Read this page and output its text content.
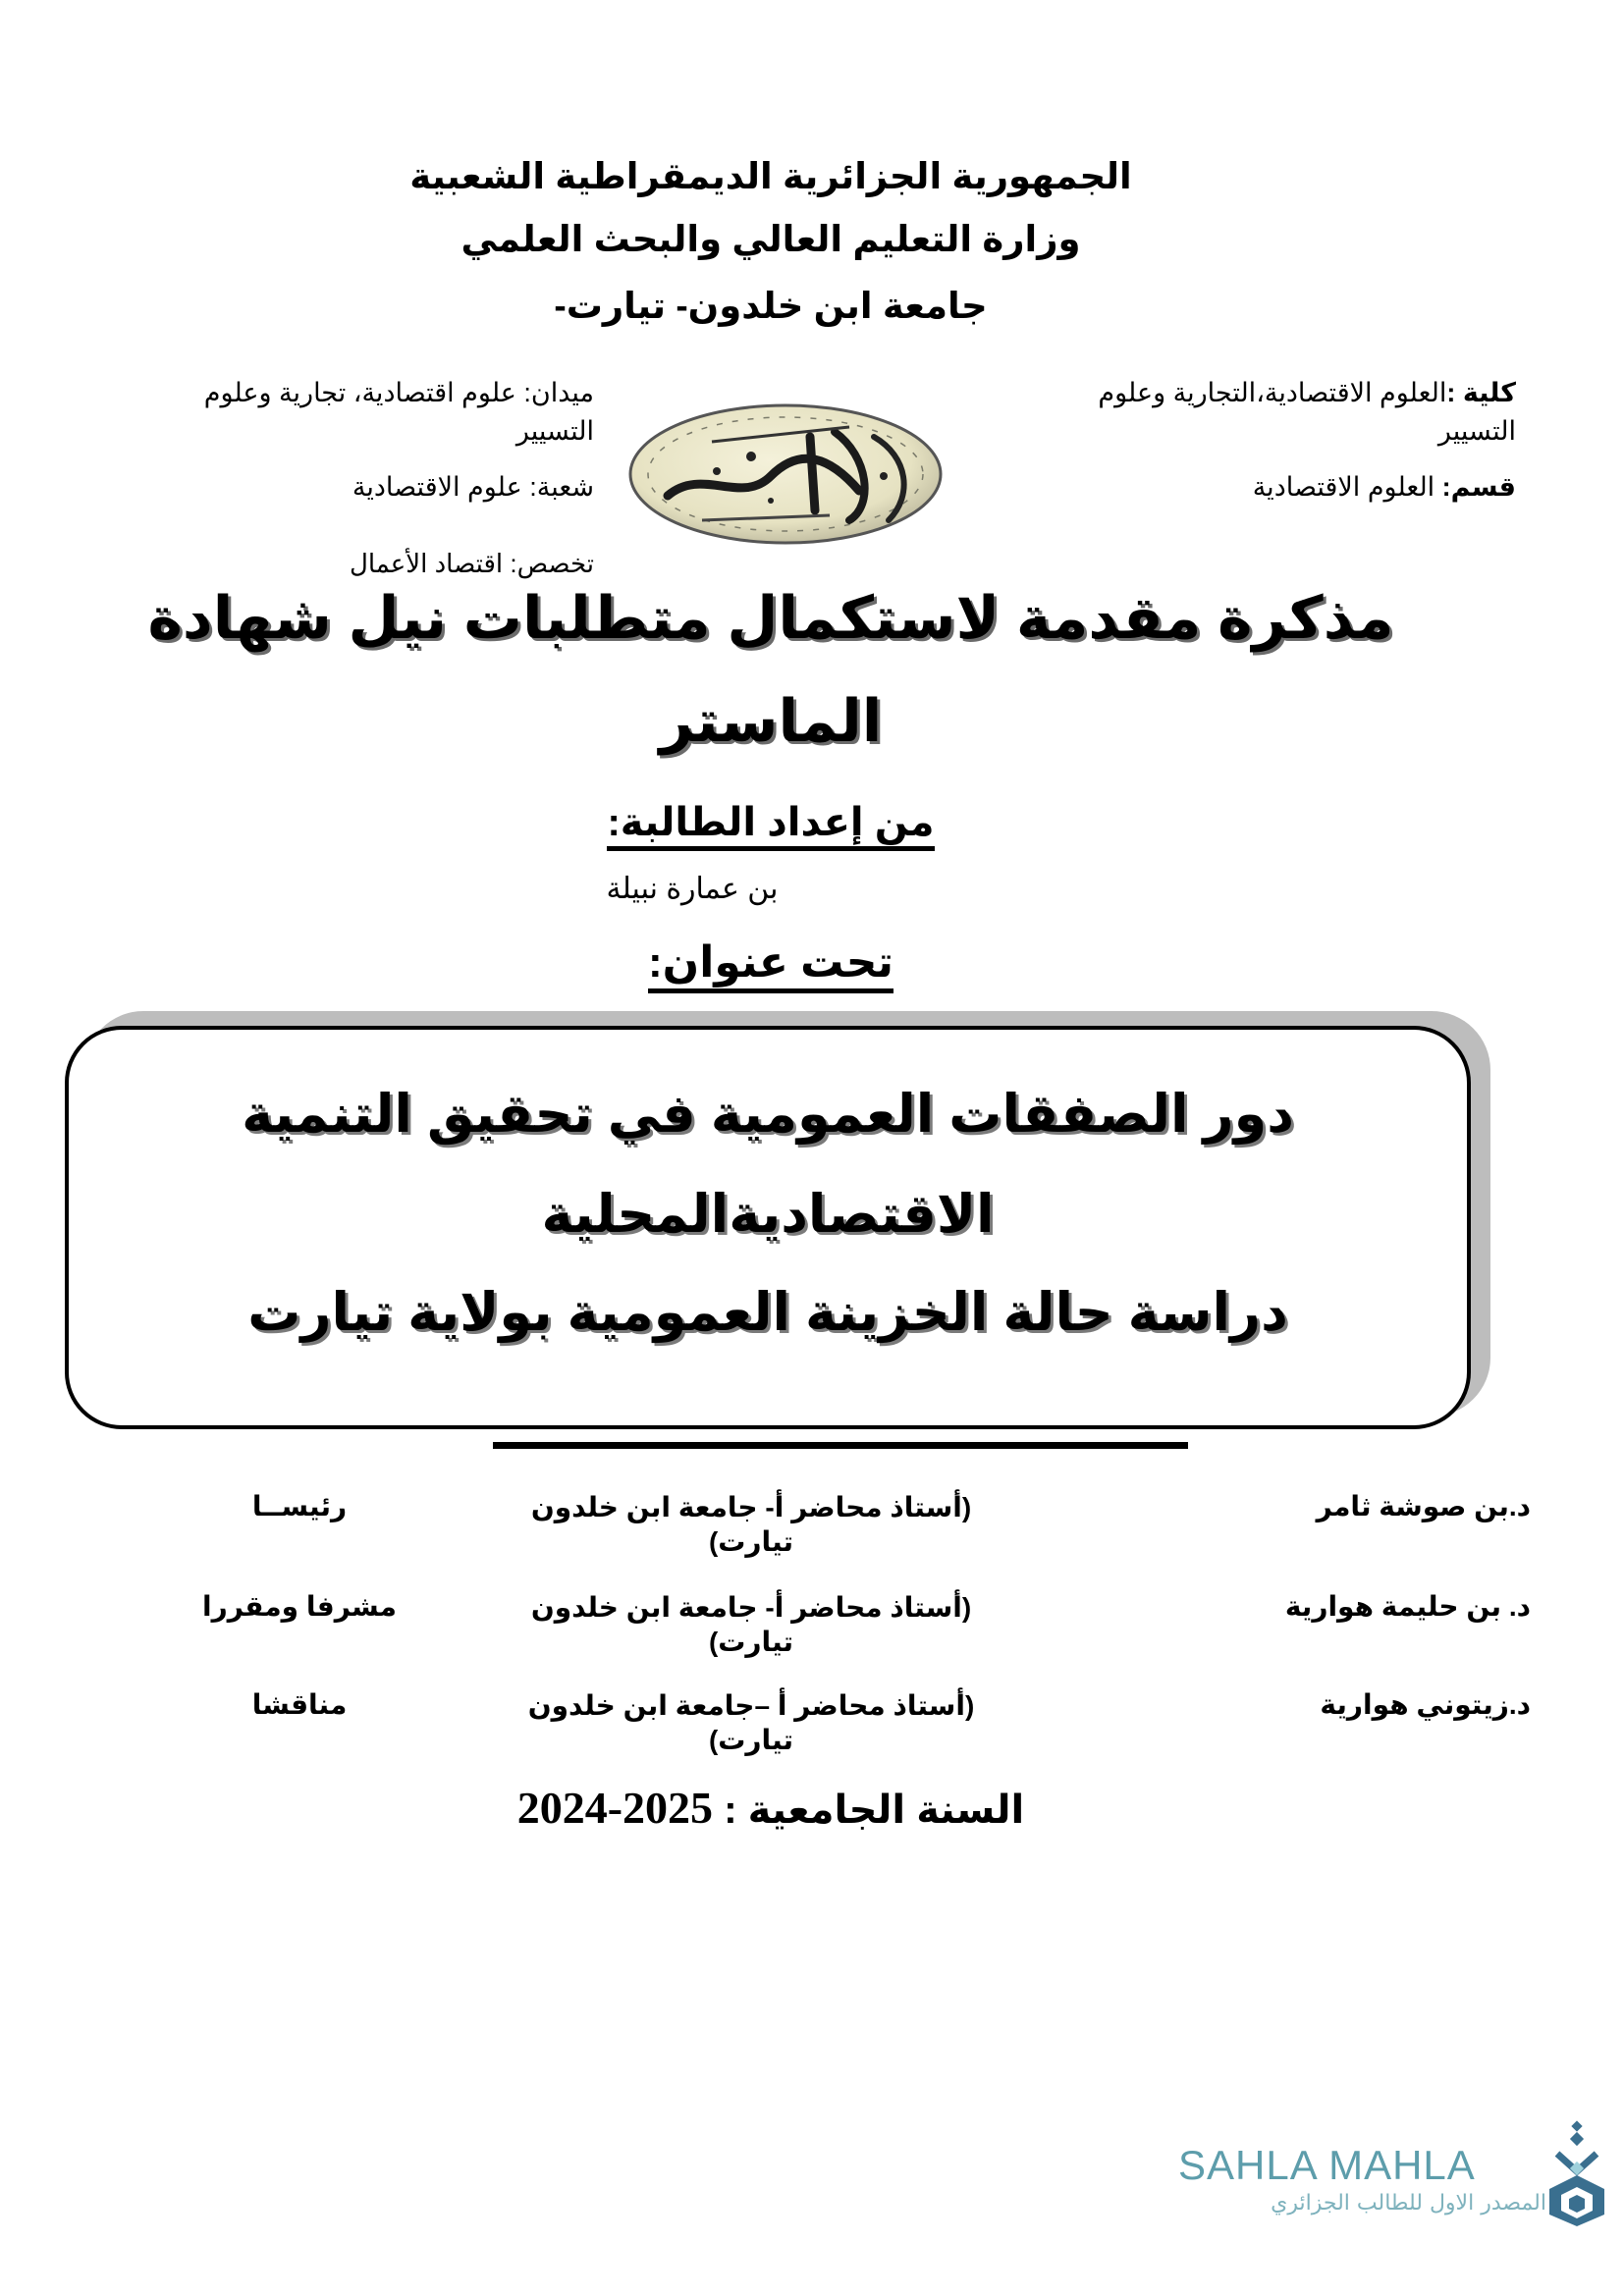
الجمهورية الجزائرية الديمقراطية الشعبية
وزارة التعليم العالي والبحث العلمي
جامعة ابن خلدون- تيارت-
كلية :العلوم الاقتصادية،التجارية وعلوم
التسيير
قسم: العلوم الاقتصادية
ميدان: علوم اقتصادية، تجارية وعلوم
التسيير
شعبة: علوم الاقتصادية
تخصص: اقتصاد الأعمال
مذكرة مقدمة لاستكمال متطلبات نيل شهادة
الماستر
من إعداد الطالبة:
بن عمارة نبيلة
تحت عنوان:
دور الصفقات العمومية في تحقيق التنمية
الاقتصاديةالمحلية
دراسة حالة الخزينة العمومية بولاية تيارت
د.بن صوشة ثامر
(أستاذ محاضر أ- جامعة ابن خلدون
تيارت)
رئيســا
د. بن حليمة هوارية
(أستاذ محاضر أ- جامعة ابن خلدون
تيارت)
مشرفا ومقررا
د.زيتوني هوارية
(أستاذ محاضر أ –جامعة ابن خلدون
تيارت)
مناقشا
السنة الجامعية : 2024-2025
SAHLA MAHLA
المصدر الاول للطالب الجزائري
